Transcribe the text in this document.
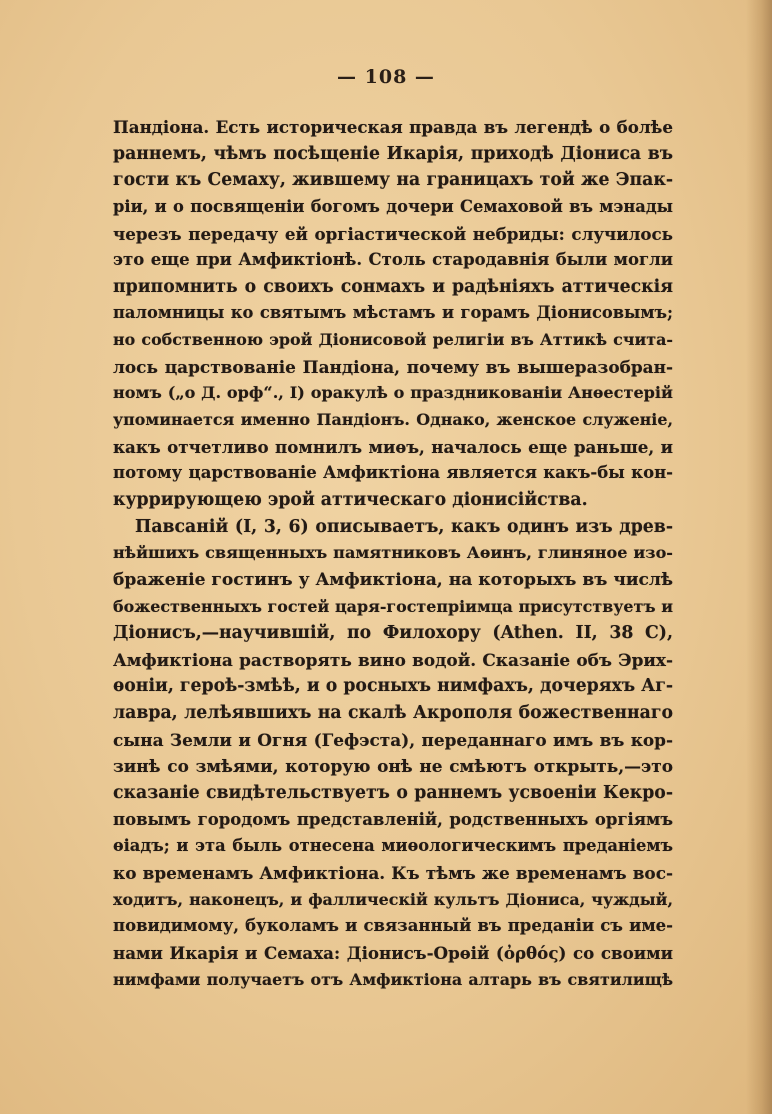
— 108 —
Пандіона. Есть историческая правда въ легендѣ о болѣе
раннемъ, чѣмъ посѣщеніе Икарія, приходѣ Діониса въ
гости къ Семаху, жившему на границахъ той же Эпак-
ріи, и о посвященіи богомъ дочери Семаховой въ мэнады
черезъ передачу ей оргіастической небриды: случилось
это еще при Амфиктіонѣ. Столь стародавнія были могли
припомнить о своихъ сонмахъ и радѣніяхъ аттическія
паломницы ко святымъ мѣстамъ и горамъ Діонисовымъ;
но собственною эрой Діонисовой религіи въ Аттикѣ счита-
лось царствованіе Пандіона, почему въ вышеразобран-
номъ („о Д. орф“., I) оракулѣ о праздникованіи Анѳестерій
упоминается именно Пандіонъ. Однако, женское служеніе,
какъ отчетливо помнилъ миѳъ, началось еще раньше, и
потому царствованіе Амфиктіона является какъ-бы кон-
куррирующею эрой аттическаго діонисійства.
Павсаній (I, 3, 6) описываетъ, какъ одинъ изъ древ-
нѣйшихъ священныхъ памятниковъ Аѳинъ, глиняное изо-
браженіе гостинъ у Амфиктіона, на которыхъ въ числѣ
божественныхъ гостей царя-гостепріимца присутствуетъ и
Діонисъ,—научившій, по Филохору (Athen. II, 38 C),
Амфиктіона растворять вино водой. Сказаніе объ Эрих-
ѳоніи, героѣ-змѣѣ, и о росныхъ нимфахъ, дочеряхъ Аг-
лавра, лелѣявшихъ на скалѣ Акрополя божественнаго
сына Земли и Огня (Гефэста), переданнаго имъ въ кор-
зинѣ со змѣями, которую онѣ не смѣютъ открыть,—это
сказаніе свидѣтельствуетъ о раннемъ усвоеніи Кекро-
повымъ городомъ представленій, родственныхъ оргіямъ
ѳіадъ; и эта быль отнесена миѳологическимъ преданіемъ
ко временамъ Амфиктіона. Къ тѣмъ же временамъ вос-
ходитъ, наконецъ, и фаллическій культъ Діониса, чуждый,
повидимому, буколамъ и связанный въ преданіи съ име-
нами Икарія и Семаха: Діонисъ-Орѳій (ὀρθός) со своими
нимфами получаетъ отъ Амфиктіона алтарь въ святилищѣ
